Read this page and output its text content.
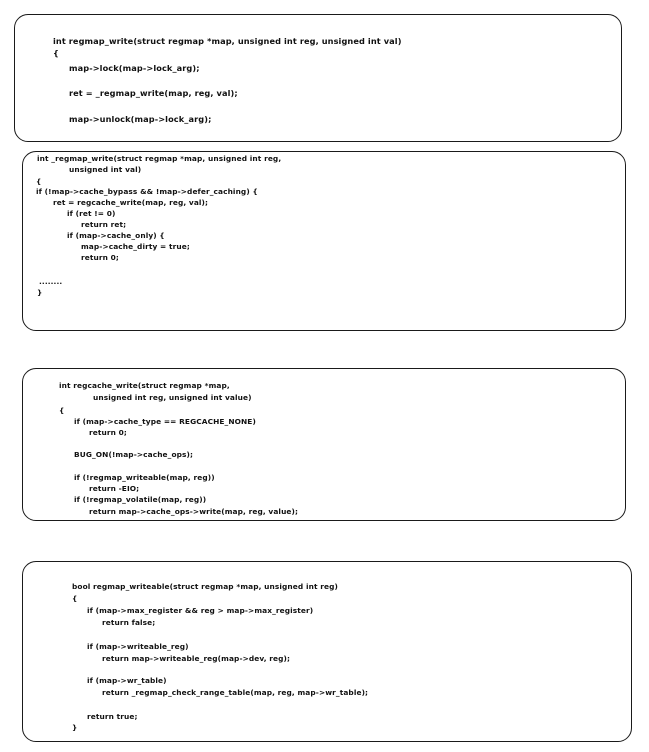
int regmap_write(struct regmap *map, unsigned int reg, unsigned int val)
{
map->lock(map->lock_arg);
ret = _regmap_write(map, reg, val);
map->unlock(map->lock_arg);
int _regmap_write(struct regmap *map, unsigned int reg,
unsigned int val)
{
if (!map->cache_bypass && !map->defer_caching) {
ret = regcache_write(map, reg, val);
if (ret != 0)
return ret;
if (map->cache_only) {
map->cache_dirty = true;
return 0;
........
}
int regcache_write(struct regmap *map,
unsigned int reg, unsigned int value)
{
if (map->cache_type == REGCACHE_NONE)
return 0;
BUG_ON(!map->cache_ops);
if (!regmap_writeable(map, reg))
return -EIO;
if (!regmap_volatile(map, reg))
return map->cache_ops->write(map, reg, value);
bool regmap_writeable(struct regmap *map, unsigned int reg)
{
if (map->max_register && reg > map->max_register)
return false;
if (map->writeable_reg)
return map->writeable_reg(map->dev, reg);
if (map->wr_table)
return _regmap_check_range_table(map, reg, map->wr_table);
return true;
}
